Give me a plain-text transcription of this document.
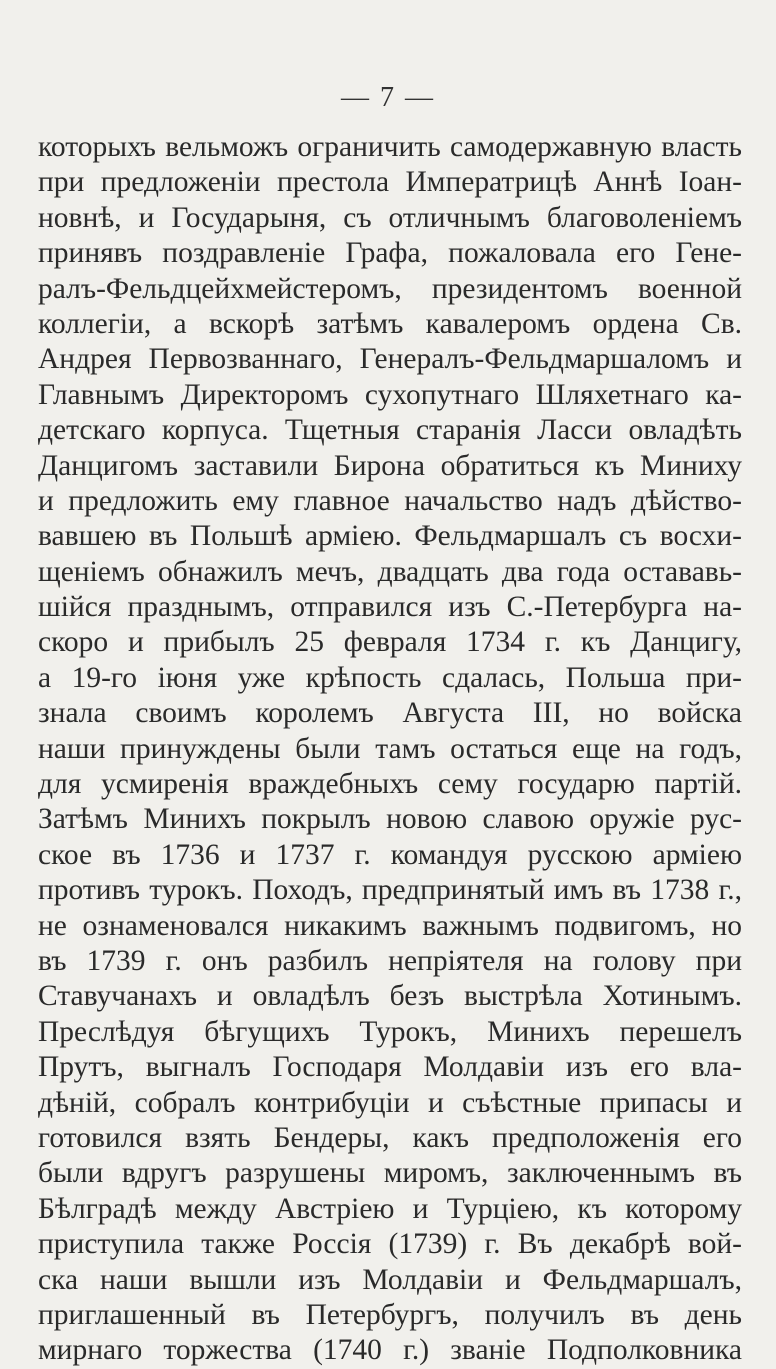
— 7 —
которыхъ вельможъ ограничить самодержавную власть
при предложеніи престола Императрицѣ Аннѣ Іоан-
новнѣ, и Государыня, съ отличнымъ благоволеніемъ
принявъ поздравленіе Графа, пожаловала его Гене-
ралъ-Фельдцейхмейстеромъ, президентомъ военной
коллегіи, а вскорѣ затѣмъ кавалеромъ ордена Св.
Андрея Первозваннаго, Генералъ-Фельдмаршаломъ и
Главнымъ Директоромъ сухопутнаго Шляхетнаго ка-
детскаго корпуса. Тщетныя старанія Ласси овладѣть
Данцигомъ заставили Бирона обратиться къ Миниху
и предложить ему главное начальство надъ дѣйство-
вавшею въ Польшѣ арміею. Фельдмаршалъ съ восхи-
щеніемъ обнажилъ мечъ, двадцать два года остававь-
шійся празднымъ, отправился изъ С.-Петербурга на-
скоро и прибылъ 25 февраля 1734 г. къ Данцигу,
а 19-го іюня уже крѣпость сдалась, Польша при-
знала своимъ королемъ Августа III, но войска
наши принуждены были тамъ остаться еще на годъ,
для усмиренія враждебныхъ сему государю партій.
Затѣмъ Минихъ покрылъ новою славою оружіе рус-
ское въ 1736 и 1737 г. командуя русскою арміею
противъ турокъ. Походъ, предпринятый имъ въ 1738 г.,
не ознаменовался никакимъ важнымъ подвигомъ, но
въ 1739 г. онъ разбилъ непріятеля на голову при
Ставучанахъ и овладѣлъ безъ выстрѣла Хотинымъ.
Преслѣдуя бѣгущихъ Турокъ, Минихъ перешелъ
Прутъ, выгналъ Господаря Молдавіи изъ его вла-
дѣній, собралъ контрибуціи и съѣстные припасы и
готовился взять Бендеры, какъ предположенія его
были вдругъ разрушены миромъ, заключеннымъ въ
Бѣлградѣ между Австріею и Турціею, къ которому
приступила также Россія (1739) г. Въ декабрѣ вой-
ска наши вышли изъ Молдавіи и Фельдмаршалъ,
приглашенный въ Петербургъ, получилъ въ день
мирнаго торжества (1740 г.) званіе Подполковника
